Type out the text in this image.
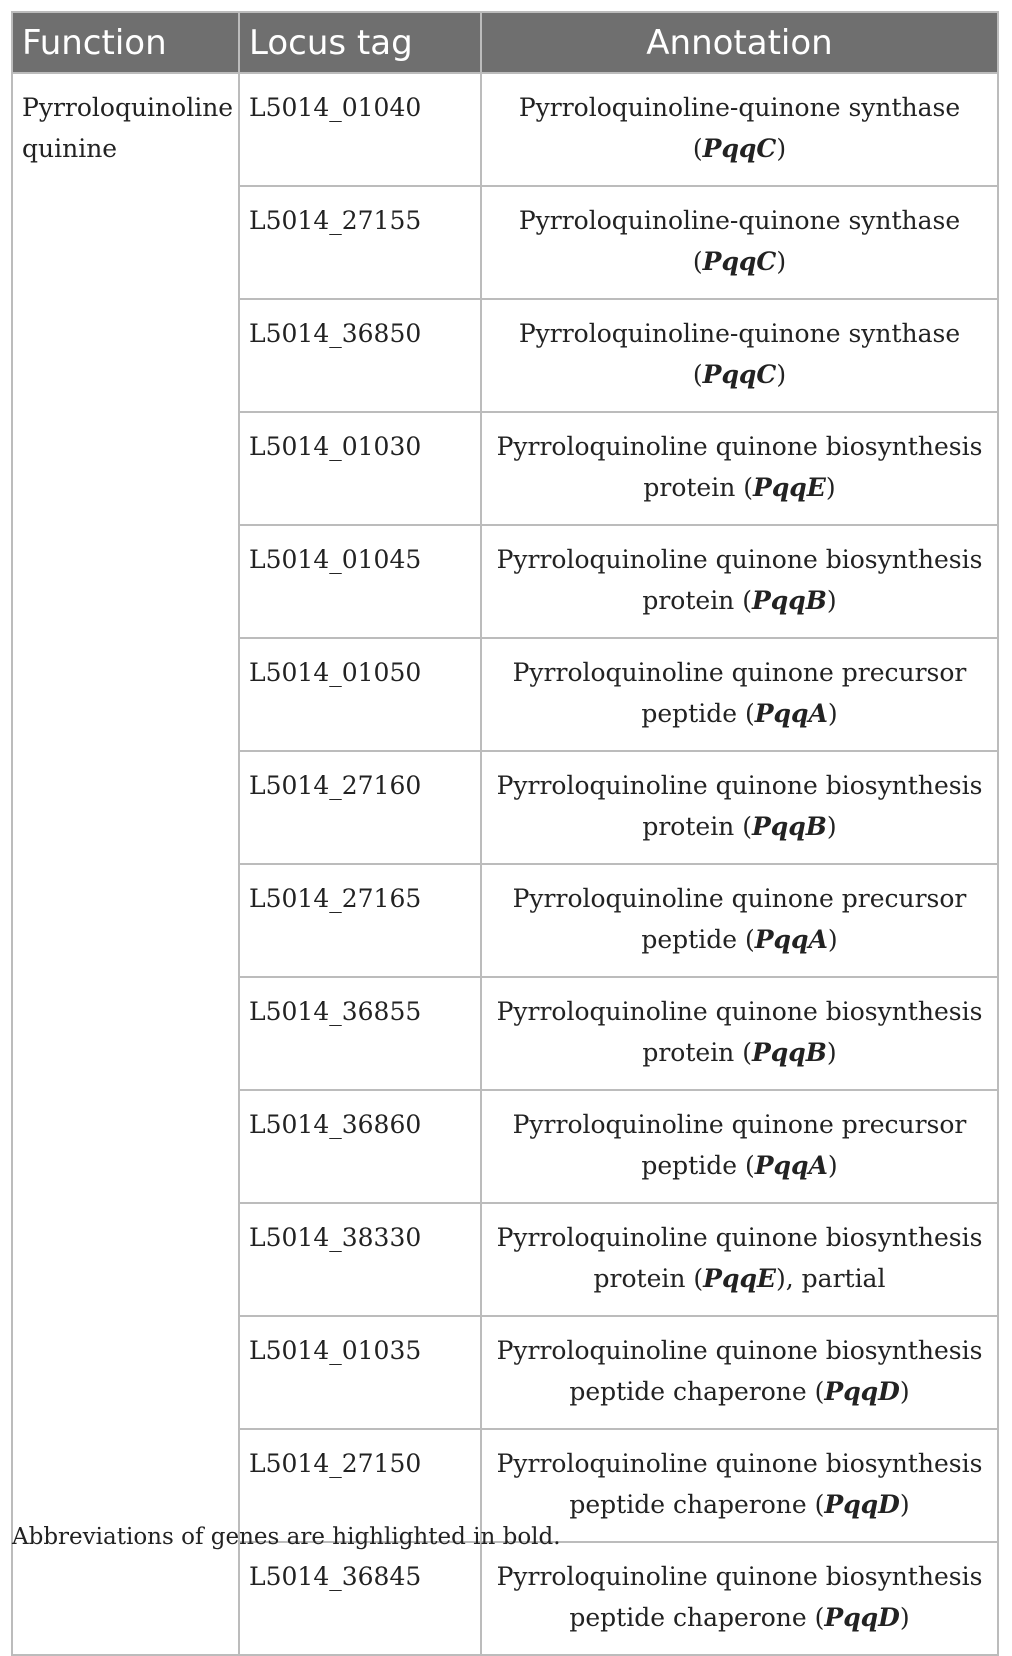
Function	Locus tag	Annotation
Pyrroloquinoline quinine	L5014_01040	Pyrroloquinoline-quinone synthase
(PqqC)

	L5014_27155	Pyrroloquinoline-quinone synthase
(PqqC)

	L5014_36850	Pyrroloquinoline-quinone synthase
(PqqC)

	L5014_01030	Pyrroloquinoline quinone biosynthesis
protein (PqqE)

	L5014_01045	Pyrroloquinoline quinone biosynthesis
protein (PqqB)

	L5014_01050	Pyrroloquinoline quinone precursor
peptide (PqqA)

	L5014_27160	Pyrroloquinoline quinone biosynthesis
protein (PqqB)

	L5014_27165	Pyrroloquinoline quinone precursor
peptide (PqqA)

	L5014_36855	Pyrroloquinoline quinone biosynthesis
protein (PqqB)

	L5014_36860	Pyrroloquinoline quinone precursor
peptide (PqqA)

	L5014_38330	Pyrroloquinoline quinone biosynthesis
protein (PqqE), partial

	L5014_01035	Pyrroloquinoline quinone biosynthesis
peptide chaperone (PqqD)

	L5014_27150	Pyrroloquinoline quinone biosynthesis
peptide chaperone (PqqD)

	L5014_36845	Pyrroloquinoline quinone biosynthesis
peptide chaperone (PqqD)
Abbreviations of genes are highlighted in bold.
